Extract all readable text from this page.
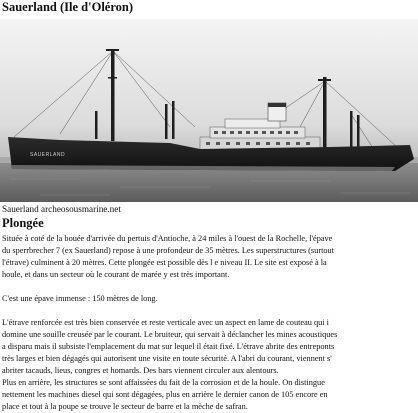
Sauerland (Ile d'Oléron)
SAUERLAND
Sauerland archeosousmarine.net
Plongée
Située à coté de la bouée d'arrivée du pertuis d'Antioche, à 24 miles à l'ouest de la Rochelle, l'épave
du sperrbrecher 7 (ex Sauerland) repose à une profondeur de 35 mètres. Les superstructures (surtout
l'étrave) culminent à 20 mètres. Cette plongée est possible dès l e niveau II. Le site est exposé à la
houle, et dans un secteur où le courant de marée y est très important.
C'est une épave immense : 150 mètres de long.
L'étrave renforcée est très bien conservée et reste verticale avec un aspect en lame de couteau qui i
domine une souille creusée par le courant. Le bruiteur, qui servait à déclancher les mines acoustiques
a disparu mais il subsiste l'emplacement du mat sur lequel il était fixé. L'étrave abrite des entreponts
très larges et bien dégagés qui autorisent une visite en toute sécurité. A l'abri du courant, viennent s'
abriter tacauds, lieus, congres et homards. Des bars viennent circuler aux alentours.
Plus en arrière, les structures se sont affaissées du fait de la corrosion et de la houle. On distingue
nettement les machines diesel qui sont dégagées, plus en arrière le dernier canon de 105 encore en
place et tout à la poupe se trouve le secteur de barre et la mèche de safran.
